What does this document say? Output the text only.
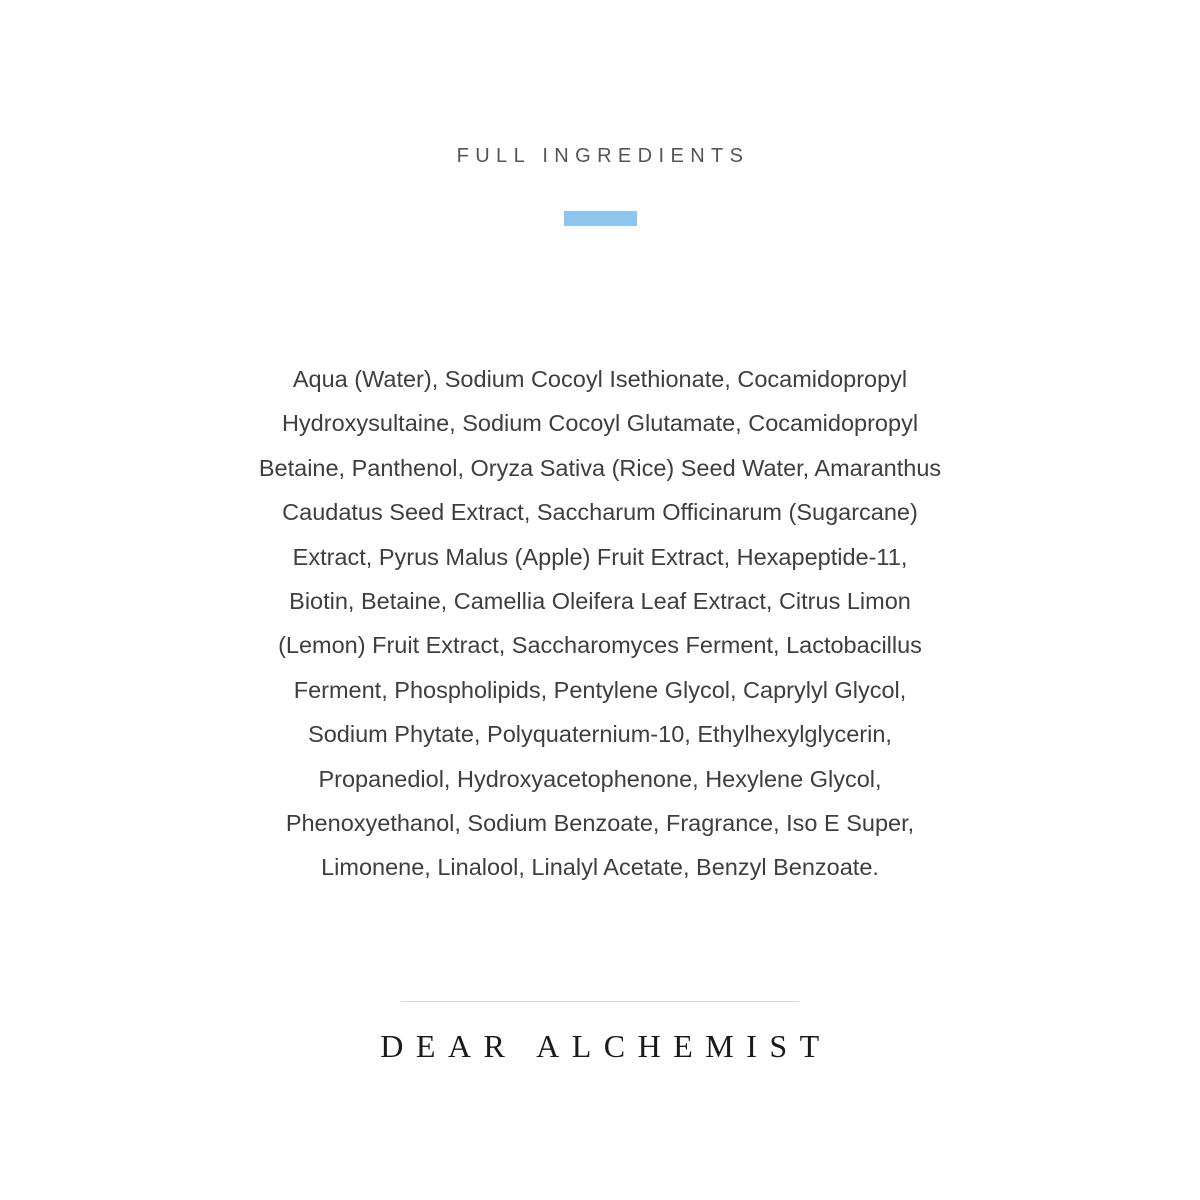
FULL INGREDIENTS
Aqua (Water), Sodium Cocoyl Isethionate, Cocamidopropyl
Hydroxysultaine, Sodium Cocoyl Glutamate, Cocamidopropyl
Betaine, Panthenol, Oryza Sativa (Rice) Seed Water, Amaranthus
Caudatus Seed Extract, Saccharum Officinarum (Sugarcane)
Extract, Pyrus Malus (Apple) Fruit Extract, Hexapeptide-11,
Biotin, Betaine, Camellia Oleifera Leaf Extract, Citrus Limon
(Lemon) Fruit Extract, Saccharomyces Ferment, Lactobacillus
Ferment, Phospholipids, Pentylene Glycol, Caprylyl Glycol,
Sodium Phytate, Polyquaternium-10, Ethylhexylglycerin,
Propanediol, Hydroxyacetophenone, Hexylene Glycol,
Phenoxyethanol, Sodium Benzoate, Fragrance, Iso E Super,
Limonene, Linalool, Linalyl Acetate, Benzyl Benzoate.
DEAR ALCHEMIST
